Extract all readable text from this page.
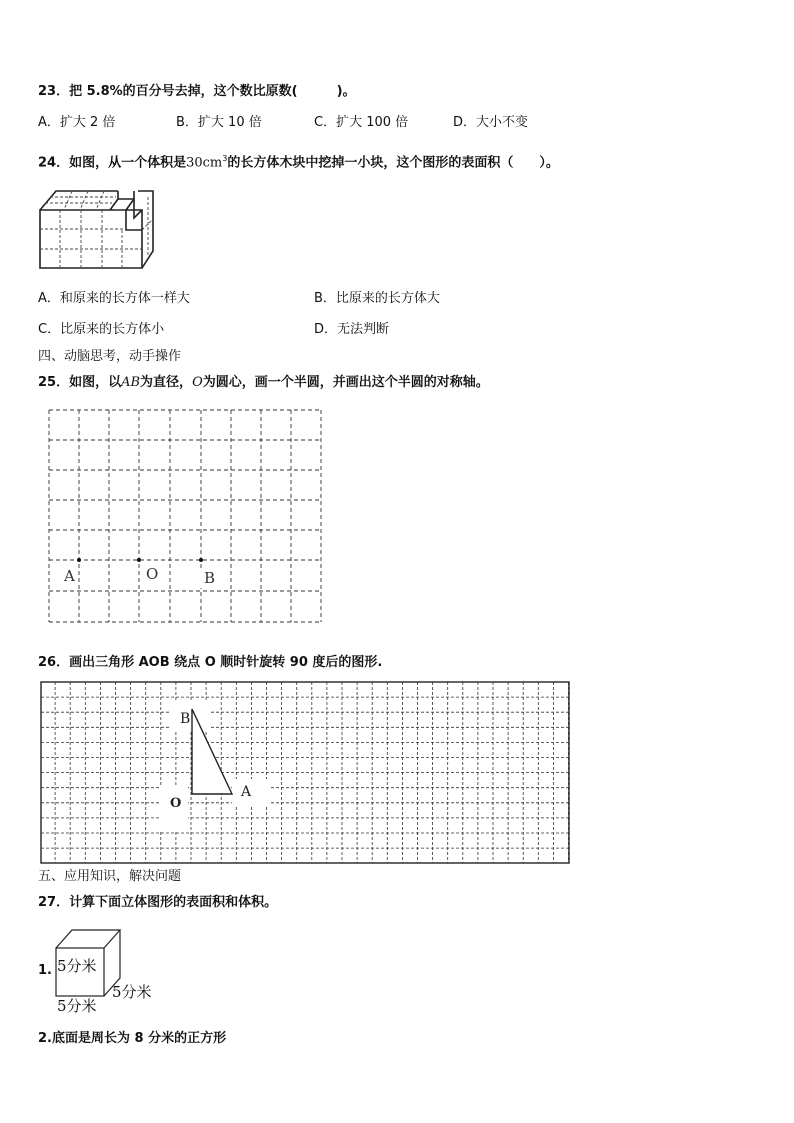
23．把 5.8%的百分号去掉，这个数比原数(　　　)。
A．扩大 2 倍	B．扩大 10 倍	C．扩大 100 倍	D．大小不变
24．如图，从一个体积是$30cm^3$的长方体木块中挖掉一小块，这个图形的表面积（　　）。
A．和原来的长方体一样大	B．比原来的长方体大
C．比原来的长方体小	D．无法判断
四、动脑思考，动手操作
25．如图，以AB为直径，O为圆心，画一个半圆，并画出这个半圆的对称轴。
A	O	B
26．画出三角形 AOB 绕点 O 顺时针旋转 90 度后的图形.
B
A
O
五、应用知识，解决问题
27．计算下面立体图形的表面积和体积。
1. 5分米
5分米
5分米
2.底面是周长为 8 分米的正方形
